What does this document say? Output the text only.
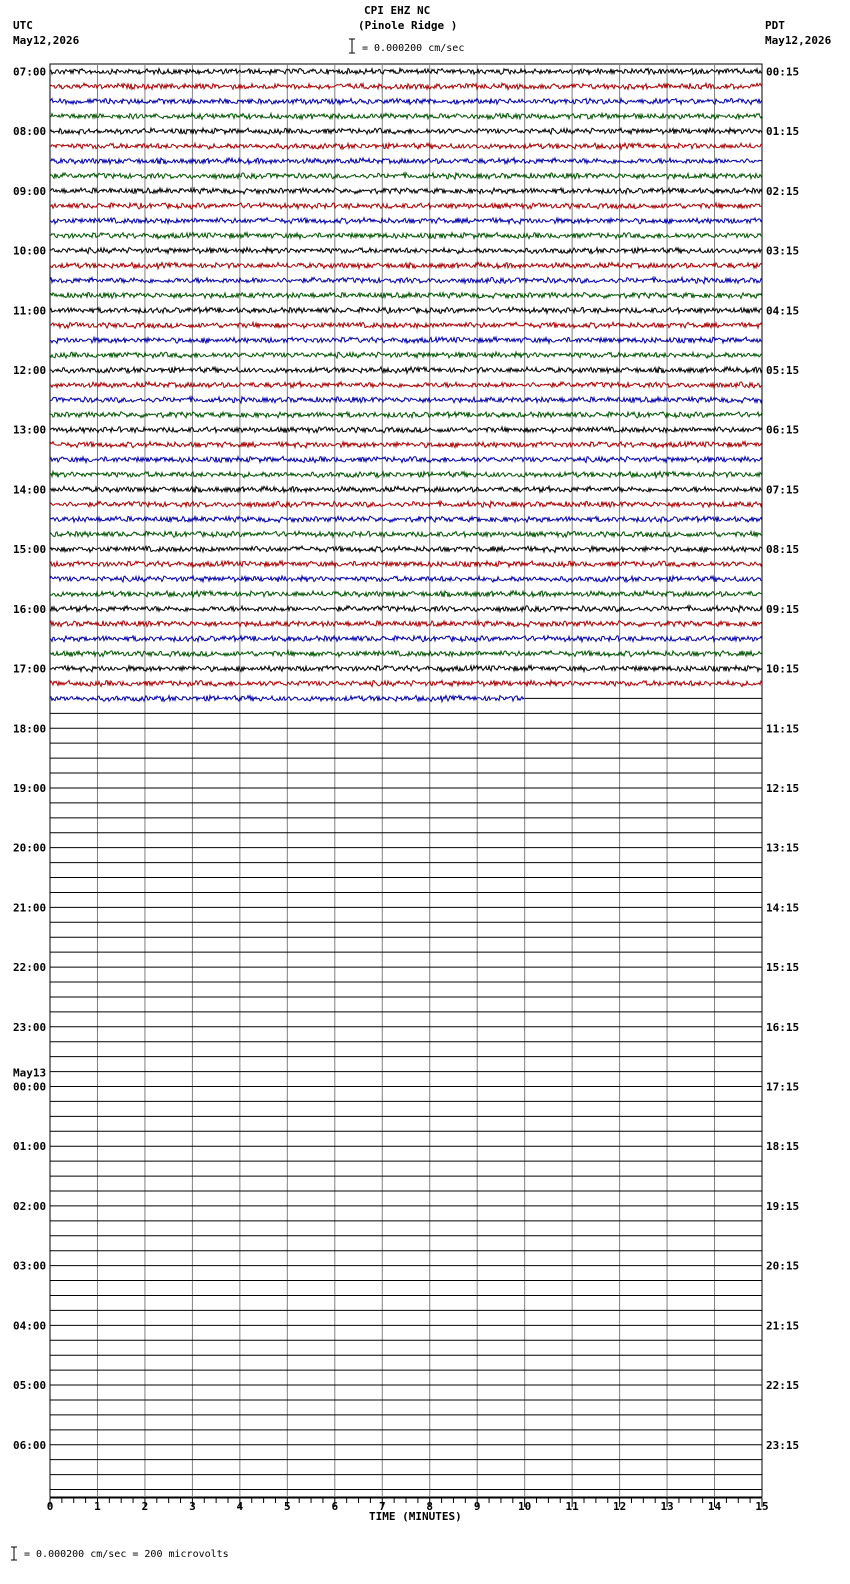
CPI EHZ NC
(Pinole Ridge )
= 0.000200 cm/sec
UTC
May12,2026
PDT
May12,2026
07:00
08:00
09:00
10:00
11:00
12:00
13:00
14:00
15:00
16:00
17:00
18:00
19:00
20:00
21:00
22:00
23:00
00:00
01:00
02:00
03:00
04:00
05:00
06:00
May13
00:15
01:15
02:15
03:15
04:15
05:15
06:15
07:15
08:15
09:15
10:15
11:15
12:15
13:15
14:15
15:15
16:15
17:15
18:15
19:15
20:15
21:15
22:15
23:15
0	1	2	3	4	5	6	7	8	9	10	11	12	13	14	15
= 0.000200 cm/sec = 200 microvolts
TIME (MINUTES)
